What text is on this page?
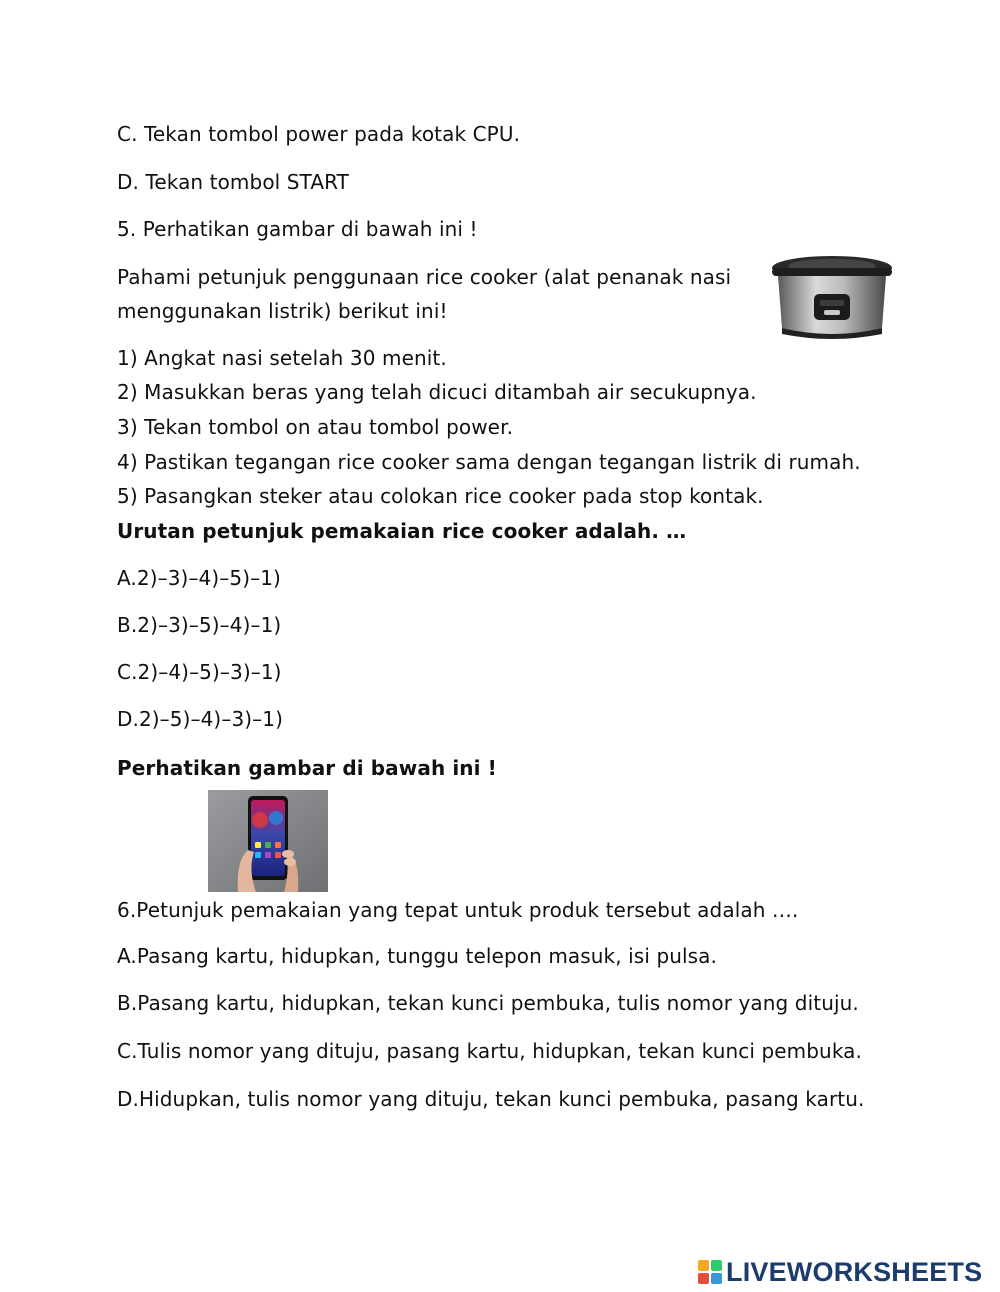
C. Tekan tombol power pada kotak CPU.
D. Tekan tombol START
5. Perhatikan gambar di bawah ini !
Pahami petunjuk penggunaan rice cooker (alat penanak nasi
menggunakan listrik) berikut ini!
1) Angkat nasi setelah 30 menit.
2) Masukkan beras yang telah dicuci ditambah air secukupnya.
3) Tekan tombol on atau tombol power.
4) Pastikan tegangan rice cooker sama dengan tegangan listrik di rumah.
5) Pasangkan steker atau colokan rice cooker pada stop kontak.
Urutan petunjuk pemakaian rice cooker adalah. …
A.2)–3)–4)–5)–1)
B.2)–3)–5)–4)–1)
C.2)–4)–5)–3)–1)
D.2)–5)–4)–3)–1)
Perhatikan gambar di bawah ini !
6.Petunjuk pemakaian yang tepat untuk produk tersebut adalah ….
A.Pasang kartu, hidupkan, tunggu telepon masuk, isi pulsa.
B.Pasang kartu, hidupkan, tekan kunci pembuka, tulis nomor yang dituju.
C.Tulis nomor yang dituju, pasang kartu, hidupkan, tekan kunci pembuka.
D.Hidupkan, tulis nomor yang dituju, tekan kunci pembuka, pasang kartu.
LIVEWORKSHEETS
